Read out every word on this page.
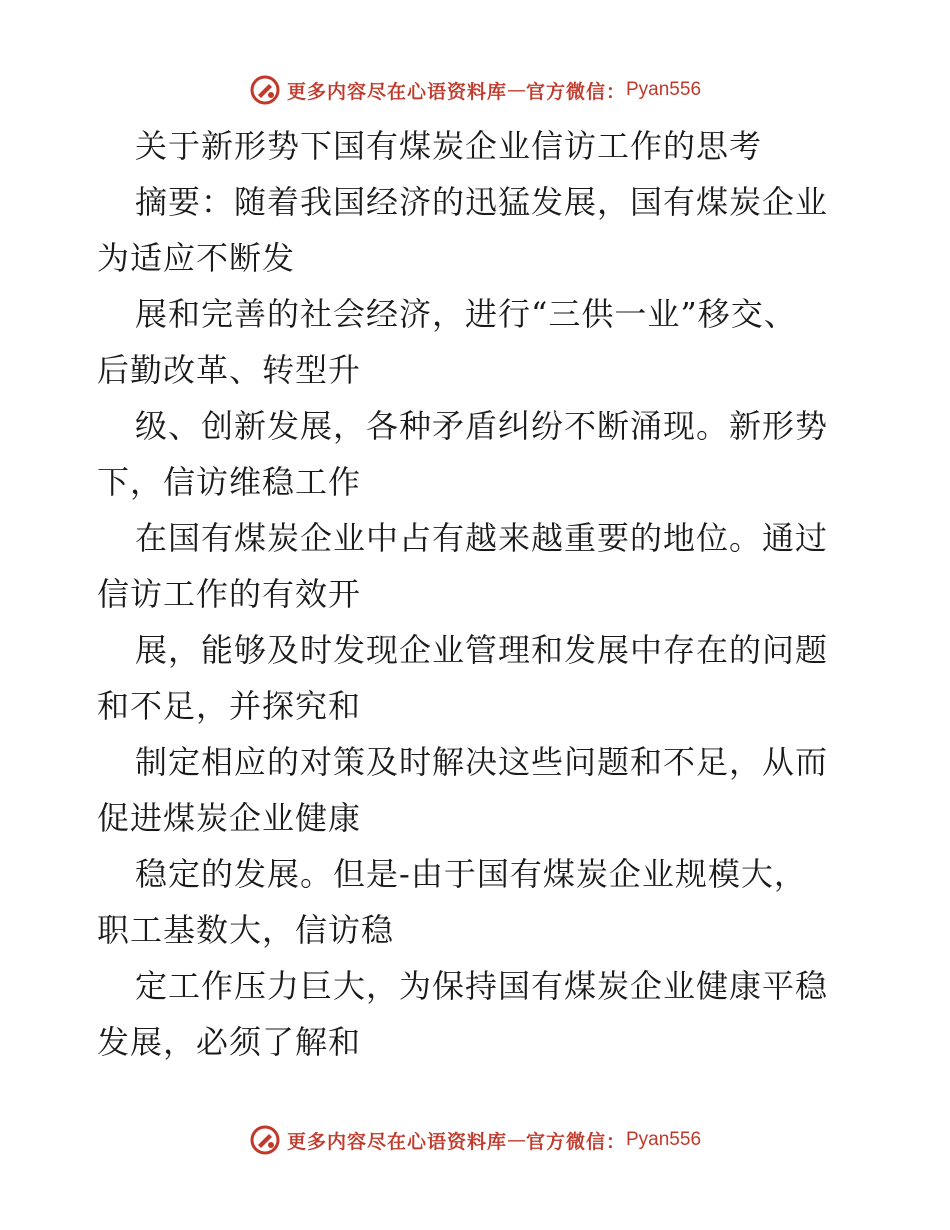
更多内容尽在心语资料库 — 官方微信： Pyan556
关于新形势下国有煤炭企业信访工作的思考
摘要：随着我国经济的迅猛发展，国有煤炭企业
为适应不断发
展和完善的社会经济，进行“三供一业”移交、
后勤改革、转型升
级、创新发展，各种矛盾纠纷不断涌现。新形势
下，信访维稳工作
在国有煤炭企业中占有越来越重要的地位。通过
信访工作的有效开
展，能够及时发现企业管理和发展中存在的问题
和不足，并探究和
制定相应的对策及时解决这些问题和不足，从而
促进煤炭企业健康
稳定的发展。但是-由于国有煤炭企业规模大，
职工基数大，信访稳
定工作压力巨大，为保持国有煤炭企业健康平稳
发展，必须了解和
更多内容尽在心语资料库 — 官方微信： Pyan556
